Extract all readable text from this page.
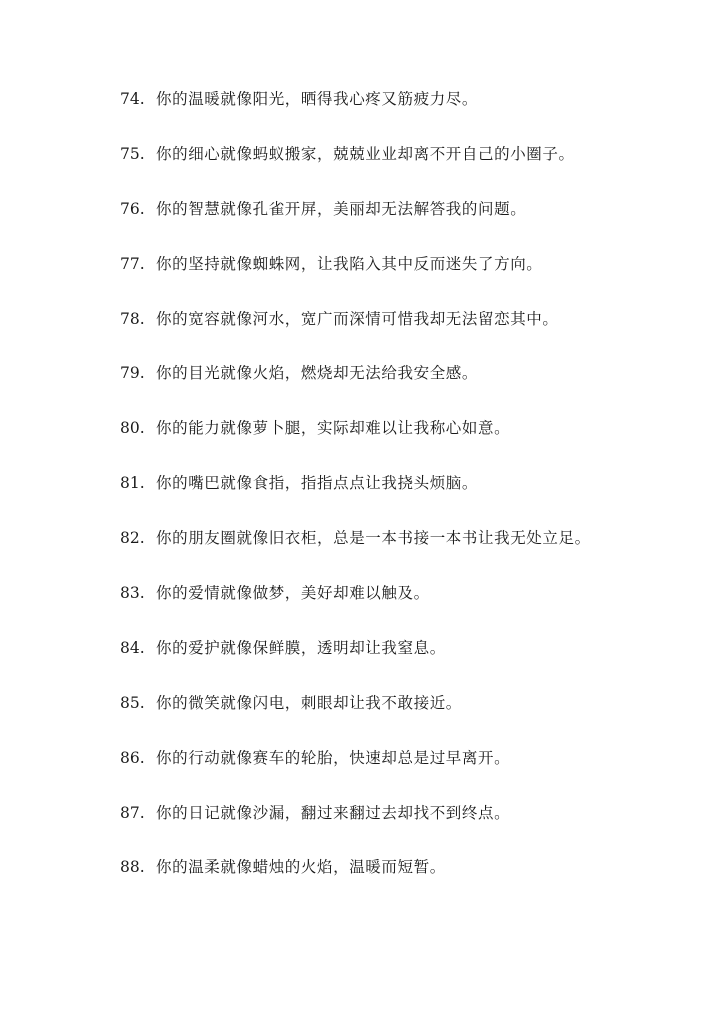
74. 你的温暖就像阳光，晒得我心疼又筋疲力尽。
75. 你的细心就像蚂蚁搬家，兢兢业业却离不开自己的小圈子。
76. 你的智慧就像孔雀开屏，美丽却无法解答我的问题。
77. 你的坚持就像蜘蛛网，让我陷入其中反而迷失了方向。
78. 你的宽容就像河水，宽广而深情可惜我却无法留恋其中。
79. 你的目光就像火焰，燃烧却无法给我安全感。
80. 你的能力就像萝卜腿，实际却难以让我称心如意。
81. 你的嘴巴就像食指，指指点点让我挠头烦脑。
82. 你的朋友圈就像旧衣柜，总是一本书接一本书让我无处立足。
83. 你的爱情就像做梦，美好却难以触及。
84. 你的爱护就像保鲜膜，透明却让我窒息。
85. 你的微笑就像闪电，刺眼却让我不敢接近。
86. 你的行动就像赛车的轮胎，快速却总是过早离开。
87. 你的日记就像沙漏，翻过来翻过去却找不到终点。
88. 你的温柔就像蜡烛的火焰，温暖而短暂。
